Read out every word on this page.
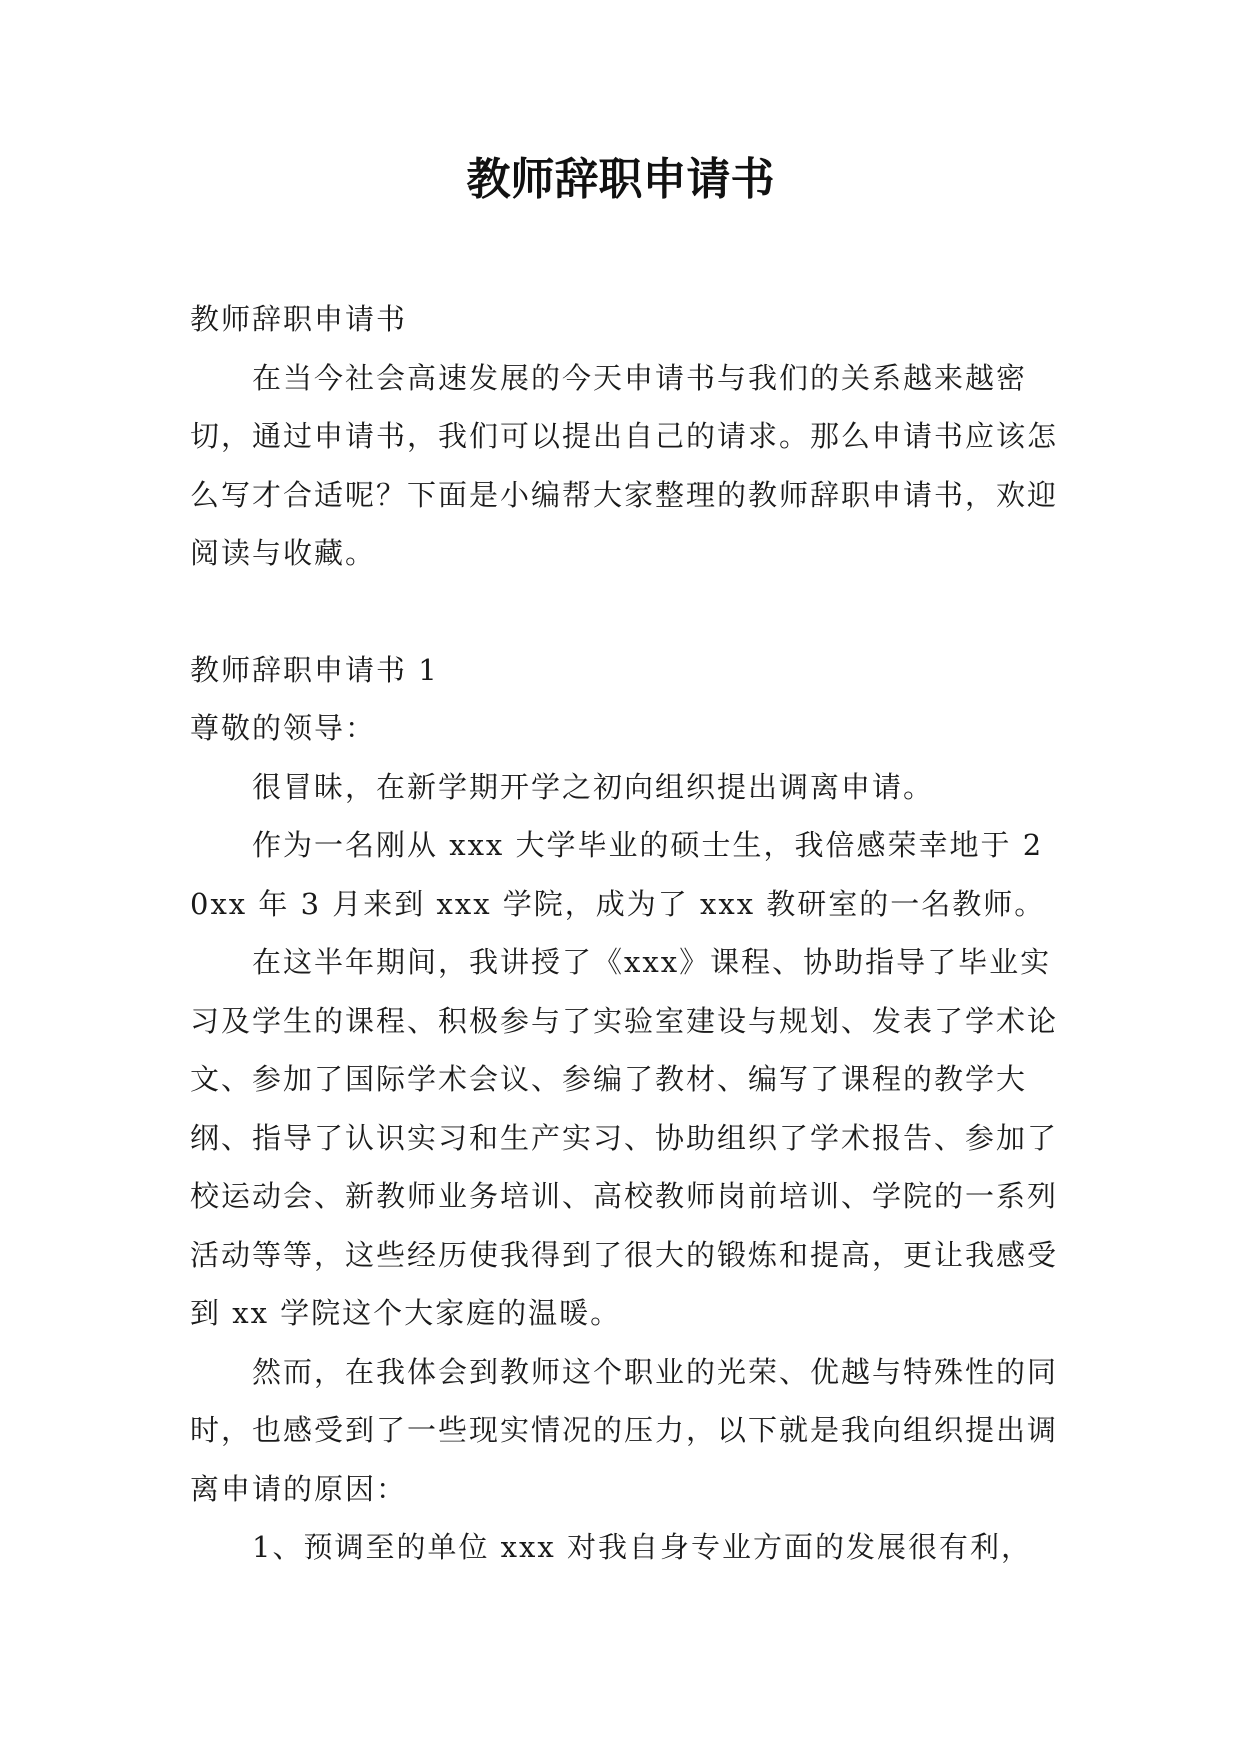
教师辞职申请书

教师辞职申请书

在当今社会高速发展的今天申请书与我们的关系越来越密切，通过申请书，我们可以提出自己的请求。那么申请书应该怎么写才合适呢？下面是小编帮大家整理的教师辞职申请书，欢迎阅读与收藏。

教师辞职申请书 1

尊敬的领导：

很冒昧，在新学期开学之初向组织提出调离申请。

作为一名刚从 xxx 大学毕业的硕士生，我倍感荣幸地于 20xx 年 3 月来到 xxx 学院，成为了 xxx 教研室的一名教师。

在这半年期间，我讲授了《xxx》课程、协助指导了毕业实习及学生的课程、积极参与了实验室建设与规划、发表了学术论文、参加了国际学术会议、参编了教材、编写了课程的教学大纲、指导了认识实习和生产实习、协助组织了学术报告、参加了校运动会、新教师业务培训、高校教师岗前培训、学院的一系列活动等等，这些经历使我得到了很大的锻炼和提高，更让我感受到 xx 学院这个大家庭的温暖。

然而，在我体会到教师这个职业的光荣、优越与特殊性的同时，也感受到了一些现实情况的压力，以下就是我向组织提出调离申请的原因：

1、预调至的单位 xxx 对我自身专业方面的发展很有利，
